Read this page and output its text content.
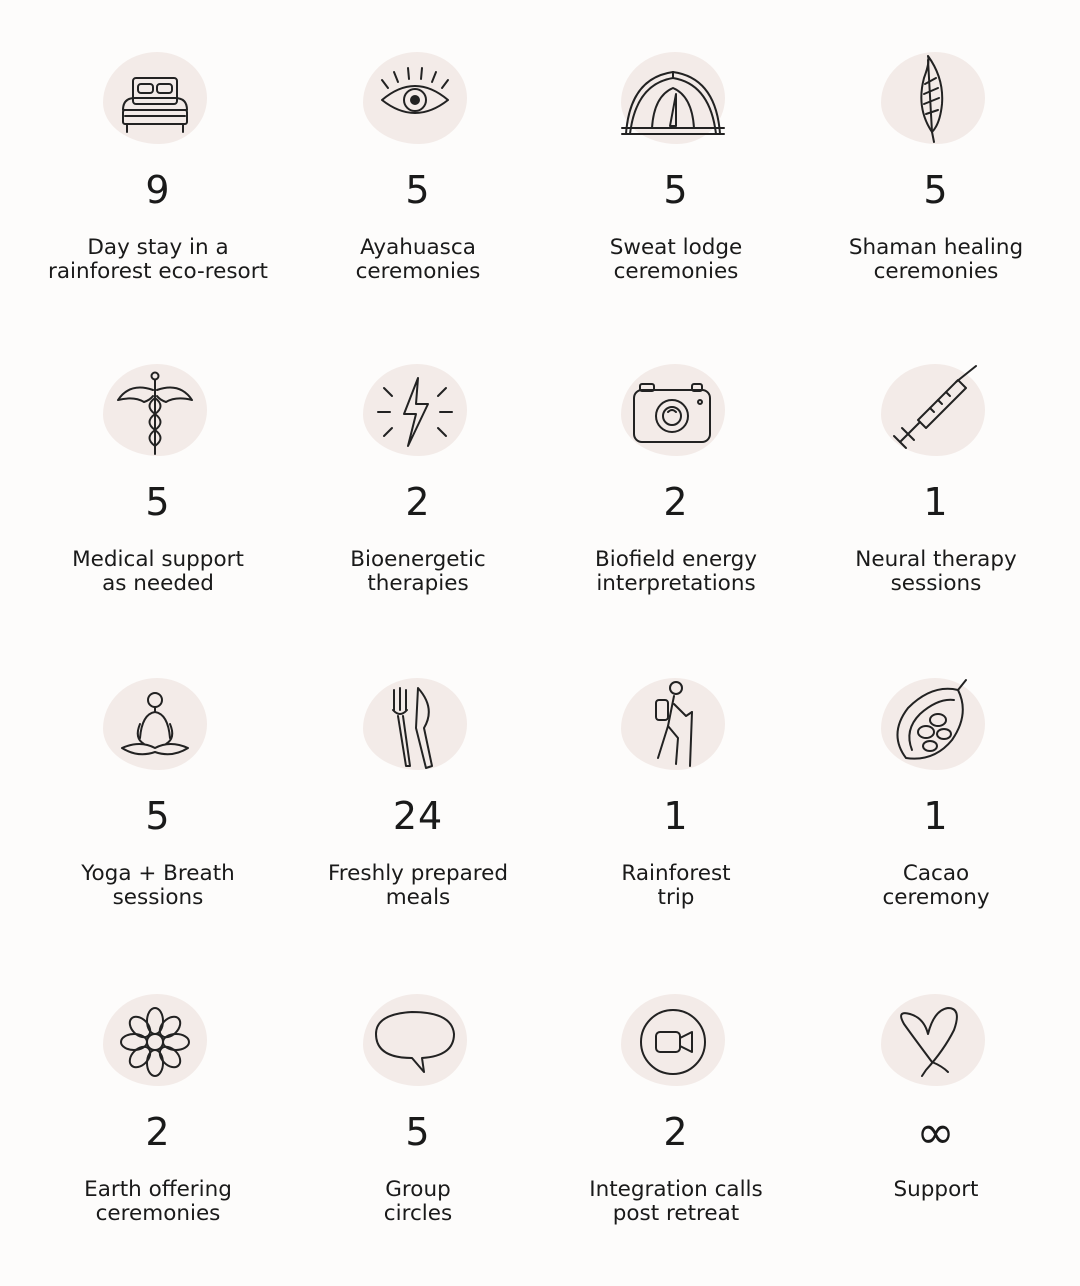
9
Day stay in a
rainforest eco-resort
5
Ayahuasca
ceremonies
5
Sweat lodge
ceremonies
5
Shaman healing
ceremonies
5
Medical support
as needed
2
Bioenergetic
therapies
2
Biofield energy
interpretations
1
Neural therapy
sessions
5
Yoga + Breath
sessions
24
Freshly prepared
meals
1
Rainforest
trip
1
Cacao
ceremony
2
Earth offering
ceremonies
5
Group
circles
2
Integration calls
post retreat
∞
Support
